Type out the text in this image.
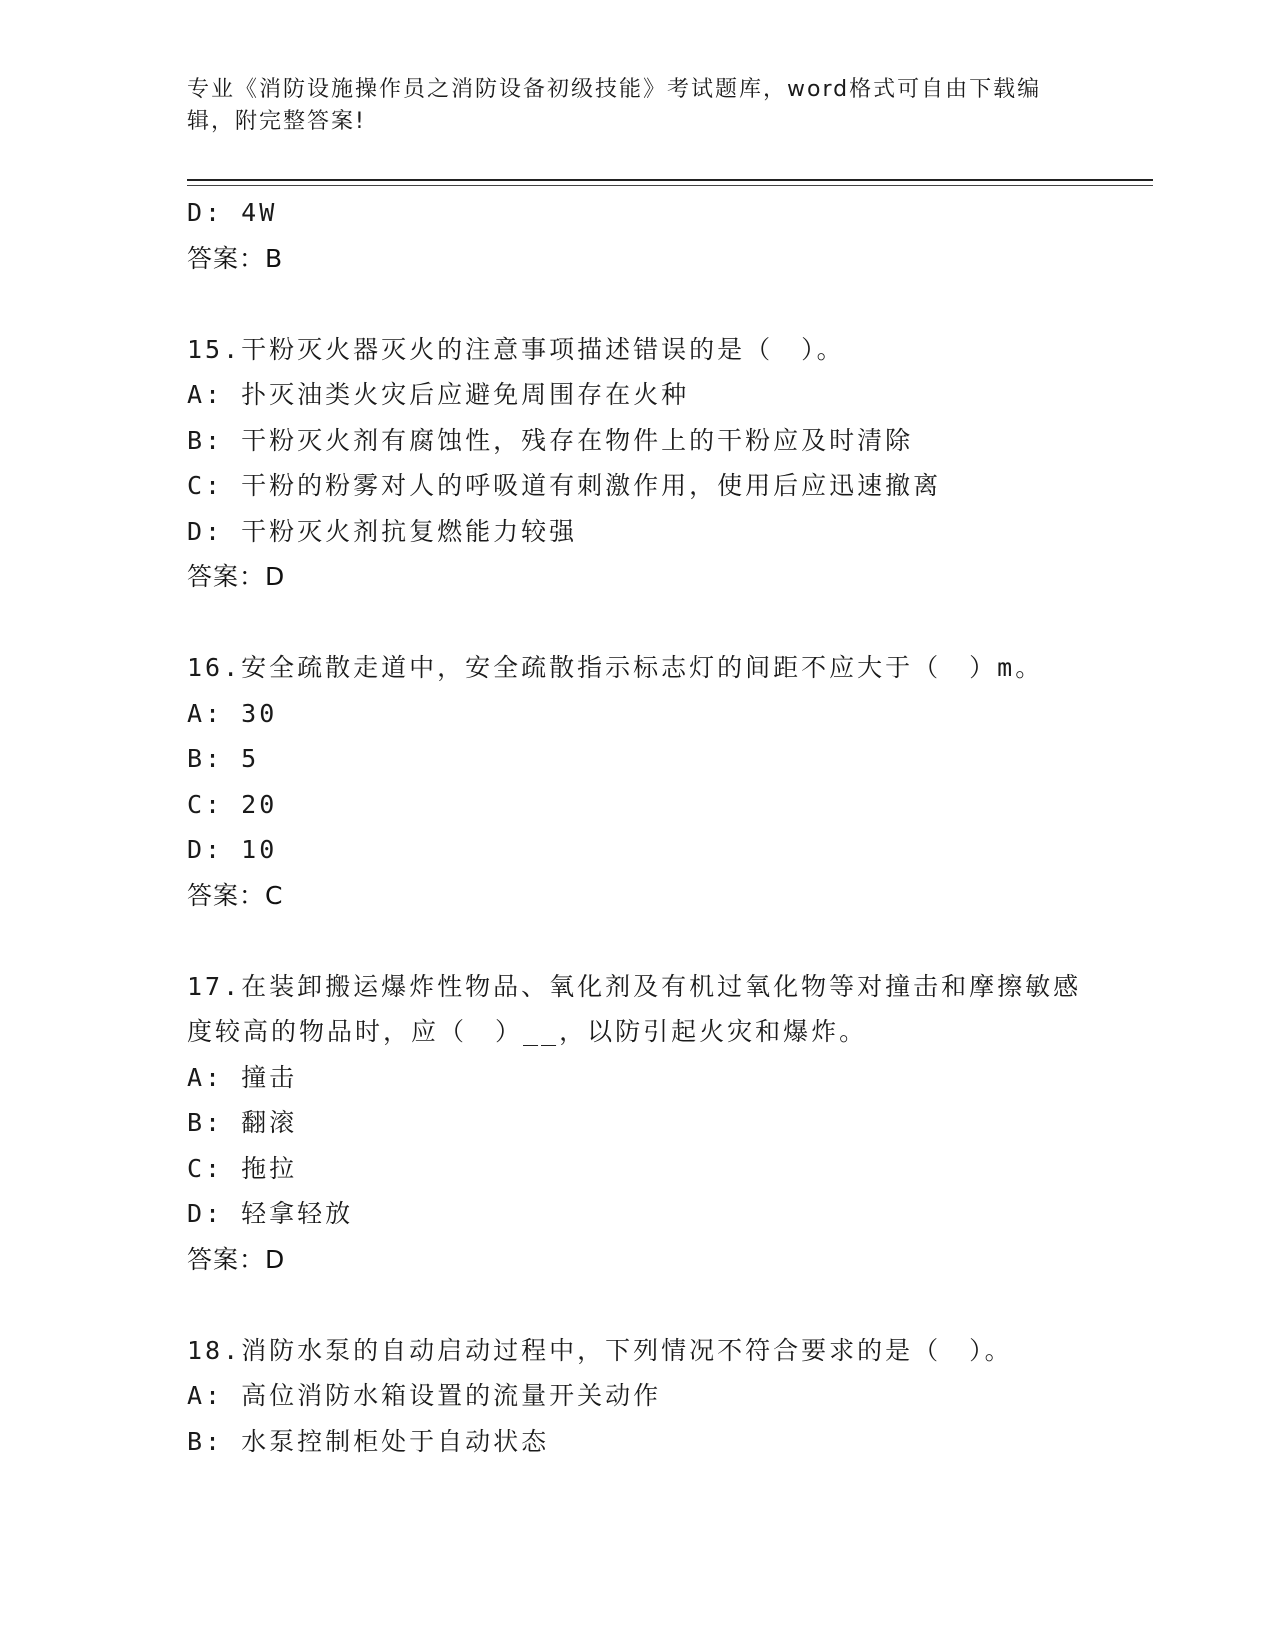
专业《消防设施操作员之消防设备初级技能》考试题库，word格式可自由下载编辑，附完整答案!
D: 4W
答案：B
15.干粉灭火器灭火的注意事项描述错误的是（　）。
A: 扑灭油类火灾后应避免周围存在火种
B: 干粉灭火剂有腐蚀性，残存在物件上的干粉应及时清除
C: 干粉的粉雾对人的呼吸道有刺激作用，使用后应迅速撤离
D: 干粉灭火剂抗复燃能力较强
答案：D
16.安全疏散走道中，安全疏散指示标志灯的间距不应大于（　）m。
A: 30
B: 5
C: 20
D: 10
答案：C
17.在装卸搬运爆炸性物品、氧化剂及有机过氧化物等对撞击和摩擦敏感度较高的物品时，应（　）__，以防引起火灾和爆炸。
A: 撞击
B: 翻滚
C: 拖拉
D: 轻拿轻放
答案：D
18.消防水泵的自动启动过程中，下列情况不符合要求的是（　）。
A: 高位消防水箱设置的流量开关动作
B: 水泵控制柜处于自动状态
